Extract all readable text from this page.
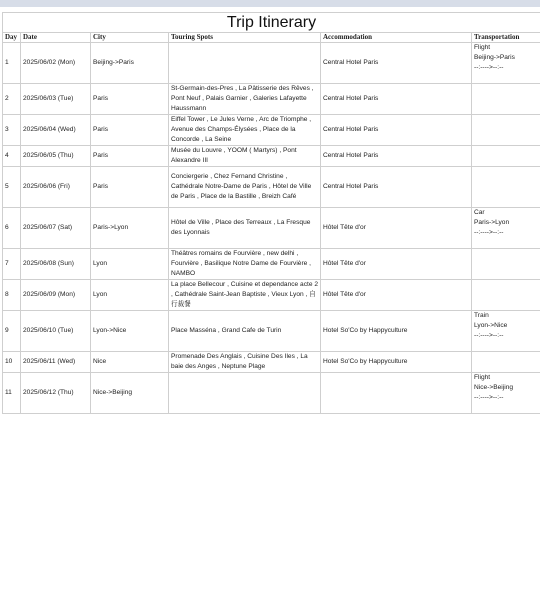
Trip Itinerary
Day	Date	City	Touring Spots	Accommodation	Transportation
1	2025/06/02 (Mon)	Beijing->Paris		Central Hotel Paris	Flight
Beijing->Paris
--:---->--:--

2	2025/06/03 (Tue)	Paris	St-Germain-des-Pres , La Pâtisserie des Rêves , Pont Neuf , Palais Garnier , Galeries Lafayette Haussmann	Central Hotel Paris	
3	2025/06/04 (Wed)	Paris	Eiffel Tower , Le Jules Verne , Arc de Triomphe , Avenue des Champs-Élysées , Place de la Concorde , La Seine	Central Hotel Paris	
4	2025/06/05 (Thu)	Paris	Musée du Louvre , YOOM ( Martyrs) , Pont Alexandre III	Central Hotel Paris	
5	2025/06/06 (Fri)	Paris	Conciergerie , Chez Fernand Christine , Cathédrale Notre-Dame de Paris , Hôtel de Ville de Paris , Place de la Bastille , Breizh Café	Central Hotel Paris	
6	2025/06/07 (Sat)	Paris->Lyon	Hôtel de Ville , Place des Terreaux , La Fresque des Lyonnais	Hôtel Tête d'or	Car
Paris->Lyon
--:---->--:--

7	2025/06/08 (Sun)	Lyon	Théâtres romains de Fourvière , new delhi , Fourvière , Basilique Notre Dame de Fourvière , NAMBO	Hôtel Tête d'or	
8	2025/06/09 (Mon)	Lyon	La place Bellecour , Cuisine et dependance acte 2 , Cathédrale Saint-Jean Baptiste , Vieux Lyon , 自行裁餐	Hôtel Tête d'or	
9	2025/06/10 (Tue)	Lyon->Nice	Place Masséna , Grand Cafe de Turin	Hotel So'Co by Happyculture	Train
Lyon->Nice
--:---->--:--

10	2025/06/11 (Wed)	Nice	Promenade Des Anglais , Cuisine Des Iles , La baie des Anges , Neptune Plage	Hotel So'Co by Happyculture	
11	2025/06/12 (Thu)	Nice->Beijing			Flight
Nice->Beijing
--:---->--:--
